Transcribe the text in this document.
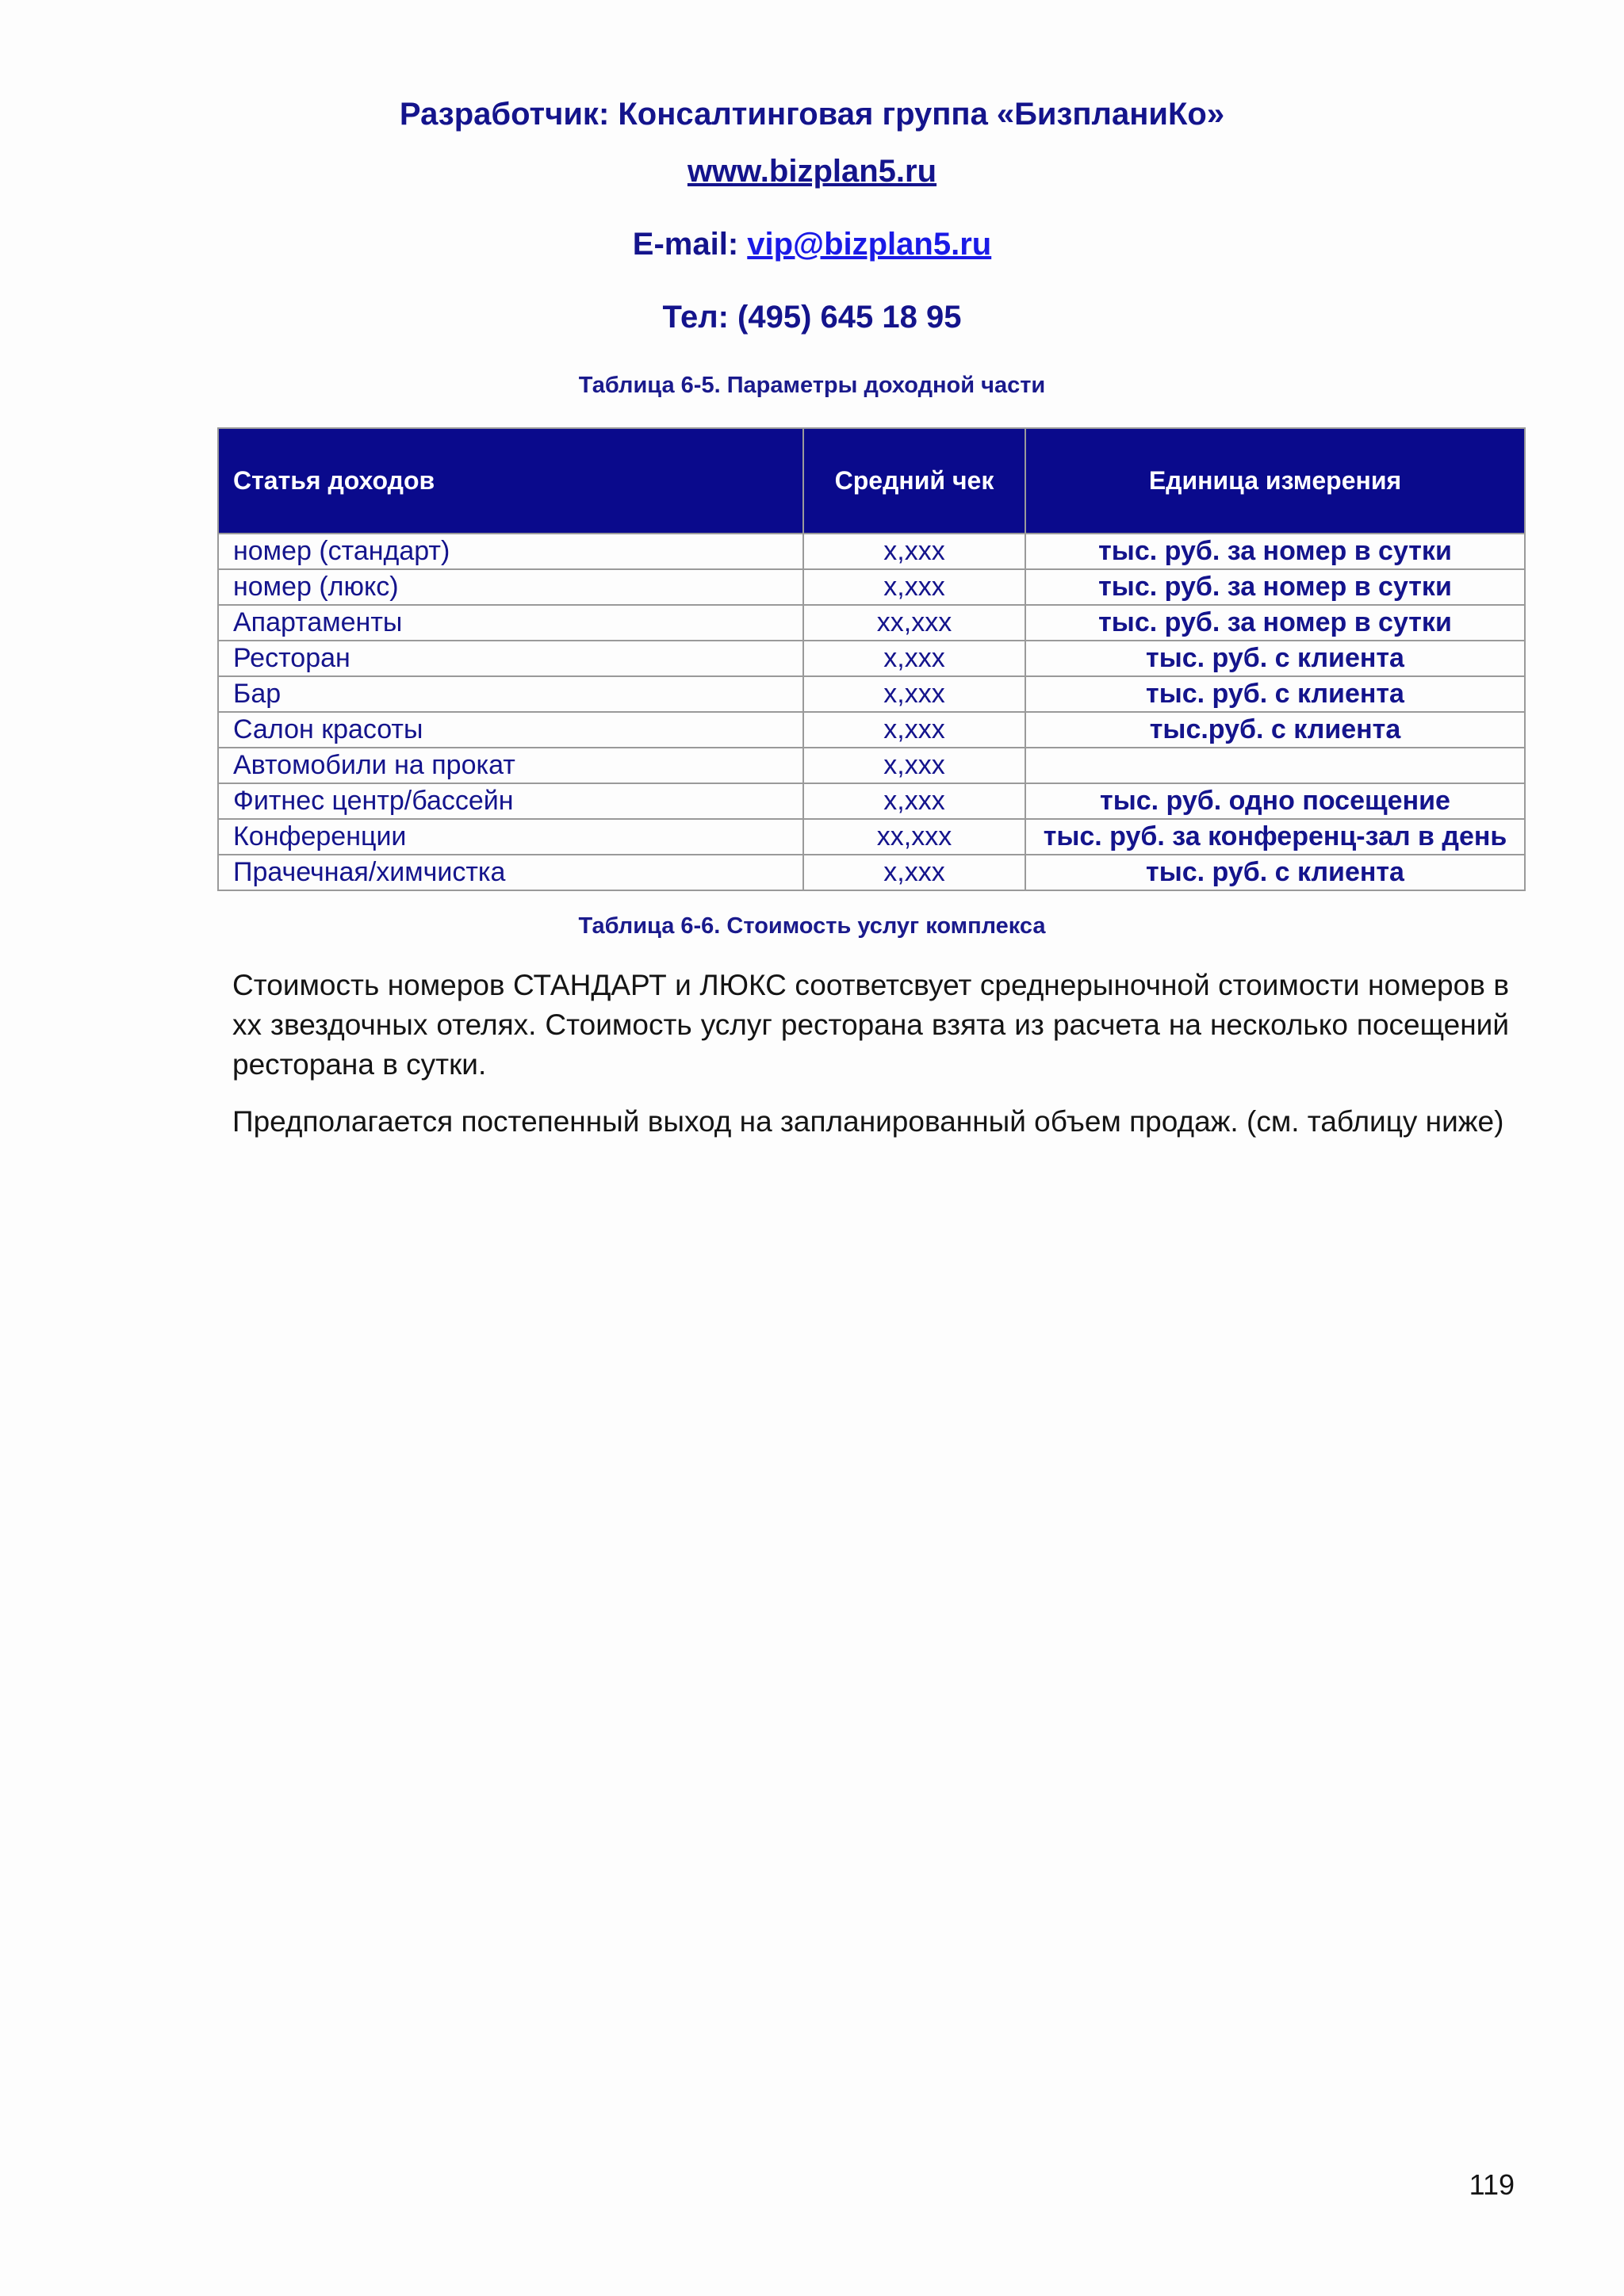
Разработчик: Консалтинговая группа «БизпланиКо»
www.bizplan5.ru
E-mail: vip@bizplan5.ru
Тел: (495) 645 18 95
Таблица 6-5. Параметры доходной части
Статья доходов	Средний чек	Единица измерения
номер (стандарт)	х,ххх	тыс. руб. за номер в сутки
номер (люкс)	х,ххх	тыс. руб. за номер в сутки
Апартаменты	хх,ххх	тыс. руб. за номер в сутки
Ресторан	х,ххх	тыс. руб. с клиента
Бар	х,ххх	тыс. руб. с клиента
Салон красоты	х,ххх	тыс.руб. с клиента
Автомобили на прокат	х,ххх	
Фитнес центр/бассейн	х,ххх	тыс. руб. одно посещение
Конференции	хх,ххх	тыс. руб. за конференц-зал в день
Прачечная/химчистка	х,ххх	тыс. руб. с клиента
Таблица 6-6. Стоимость услуг комплекса
Стоимость номеров СТАНДАРТ и ЛЮКС соответсвует среднерыночной стоимости номеров в хх звездочных отелях. Стоимость услуг ресторана взята из расчета на несколько посещений ресторана в сутки.
Предполагается постепенный выход на запланированный объем продаж. (см. таблицу ниже)
119
